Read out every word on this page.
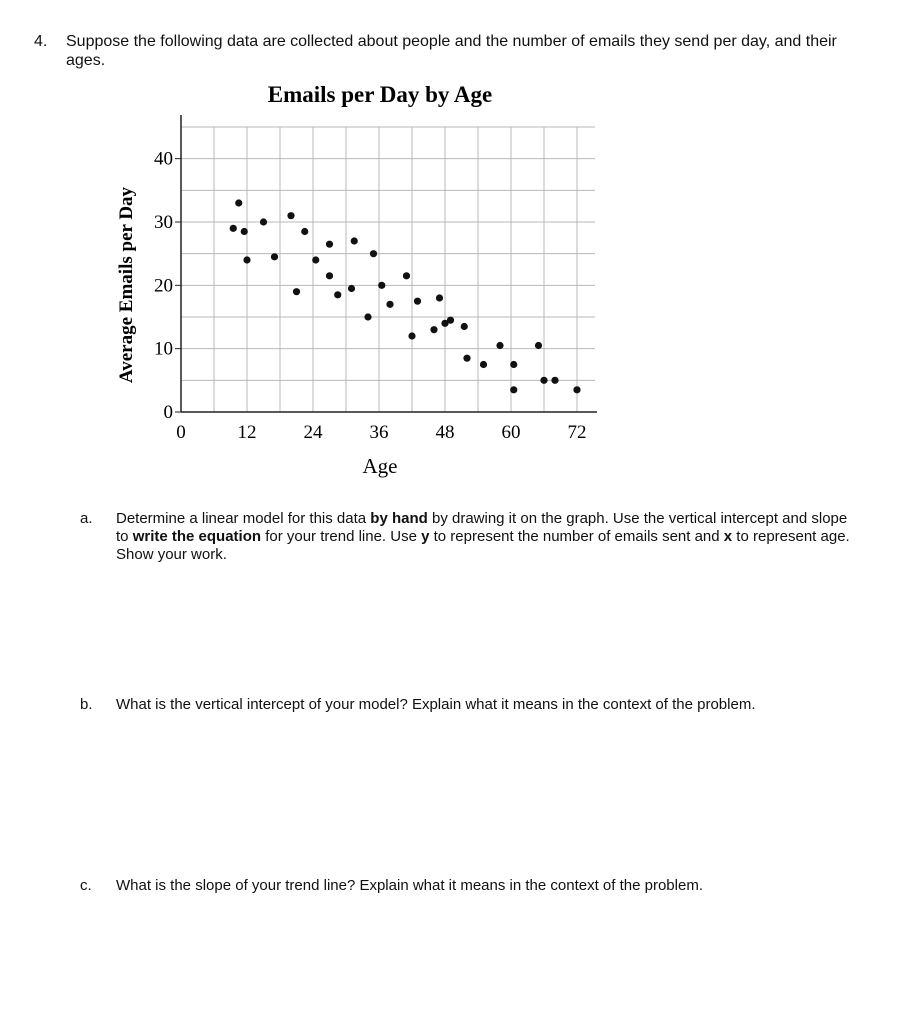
4. Suppose the following data are collected about people and the number of emails they send per day, and their ages.
Emails per Day by Age
0	12 24 36 48 60 72
0
10
20
30
40
Age
Average Emails per Day
a. Determine a linear model for this data by hand by drawing it on the graph. Use the vertical intercept and slope to write the equation for your trend line. Use y to represent the number of emails sent and x to represent age. Show your work.
b. What is the vertical intercept of your model? Explain what it means in the context of the problem.
c. What is the slope of your trend line? Explain what it means in the context of the problem.
